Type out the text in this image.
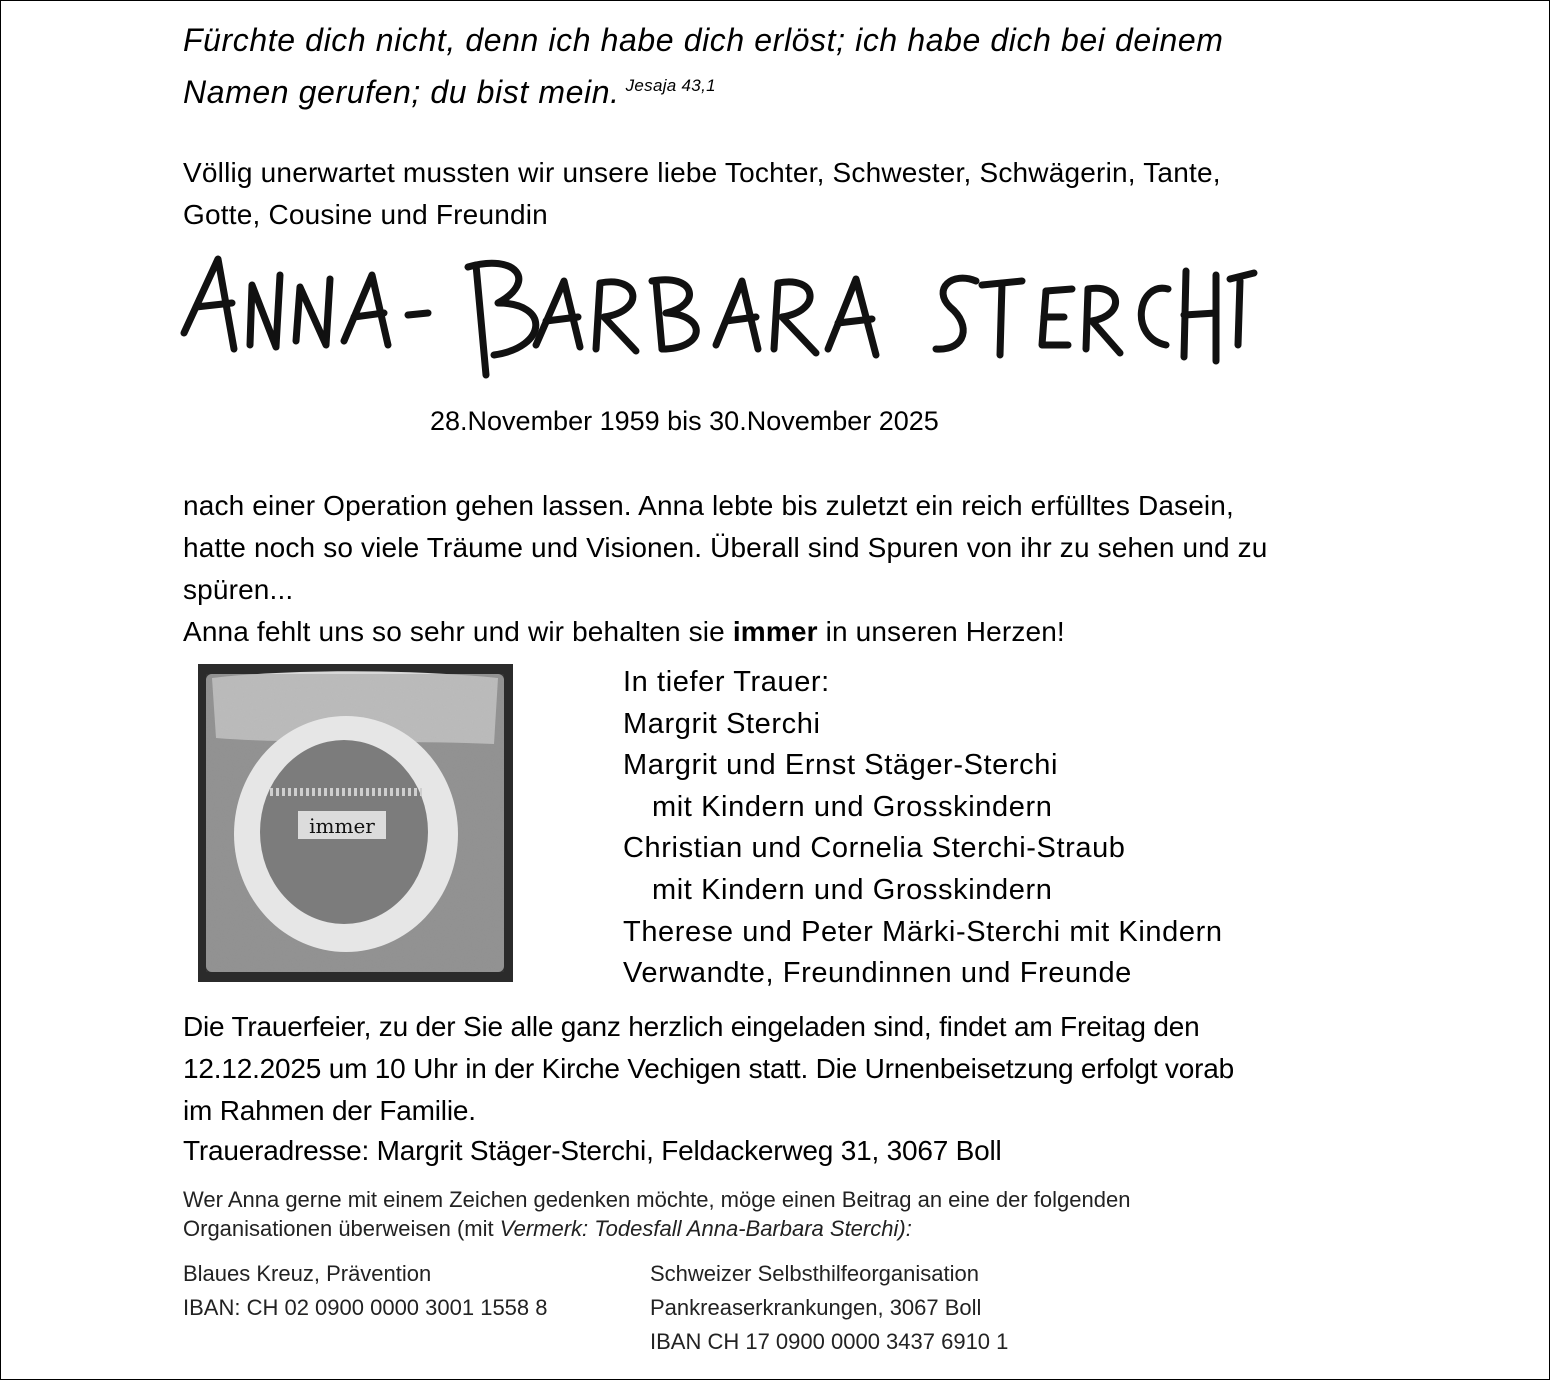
Fürchte dich nicht, denn ich habe dich erlöst; ich habe dich bei deinem
Namen gerufen; du bist mein. $^{Jesaja 43,1}$
Völlig unerwartet mussten wir unsere liebe Tochter, Schwester, Schwägerin, Tante,
Gotte, Cousine und Freundin
28.November 1959 bis 30.November 2025
nach einer Operation gehen lassen. Anna lebte bis zuletzt ein reich erfülltes Dasein,
hatte noch so viele Träume und Visionen. Überall sind Spuren von ihr zu sehen und zu
spüren...
Anna fehlt uns so sehr und wir behalten sie immer in unseren Herzen!
immer
In tiefer Trauer:
Margrit Sterchi
Margrit und Ernst Stäger-Sterchi
mit Kindern und Grosskindern
Christian und Cornelia Sterchi-Straub
mit Kindern und Grosskindern
Therese und Peter Märki-Sterchi mit Kindern
Verwandte, Freundinnen und Freunde
Die Trauerfeier, zu der Sie alle ganz herzlich eingeladen sind, findet am Freitag den
12.12.2025 um 10 Uhr in der Kirche Vechigen statt. Die Urnenbeisetzung erfolgt vorab
im Rahmen der Familie.
Traueradresse: Margrit Stäger-Sterchi, Feldackerweg 31, 3067 Boll
Wer Anna gerne mit einem Zeichen gedenken möchte, möge einen Beitrag an eine der folgenden
Organisationen überweisen (mit Vermerk: Todesfall Anna-Barbara Sterchi):
Blaues Kreuz, Prävention
IBAN: CH 02 0900 0000 3001 1558 8
Schweizer Selbsthilfeorganisation
Pankreaserkrankungen, 3067 Boll
IBAN CH 17 0900 0000 3437 6910 1
